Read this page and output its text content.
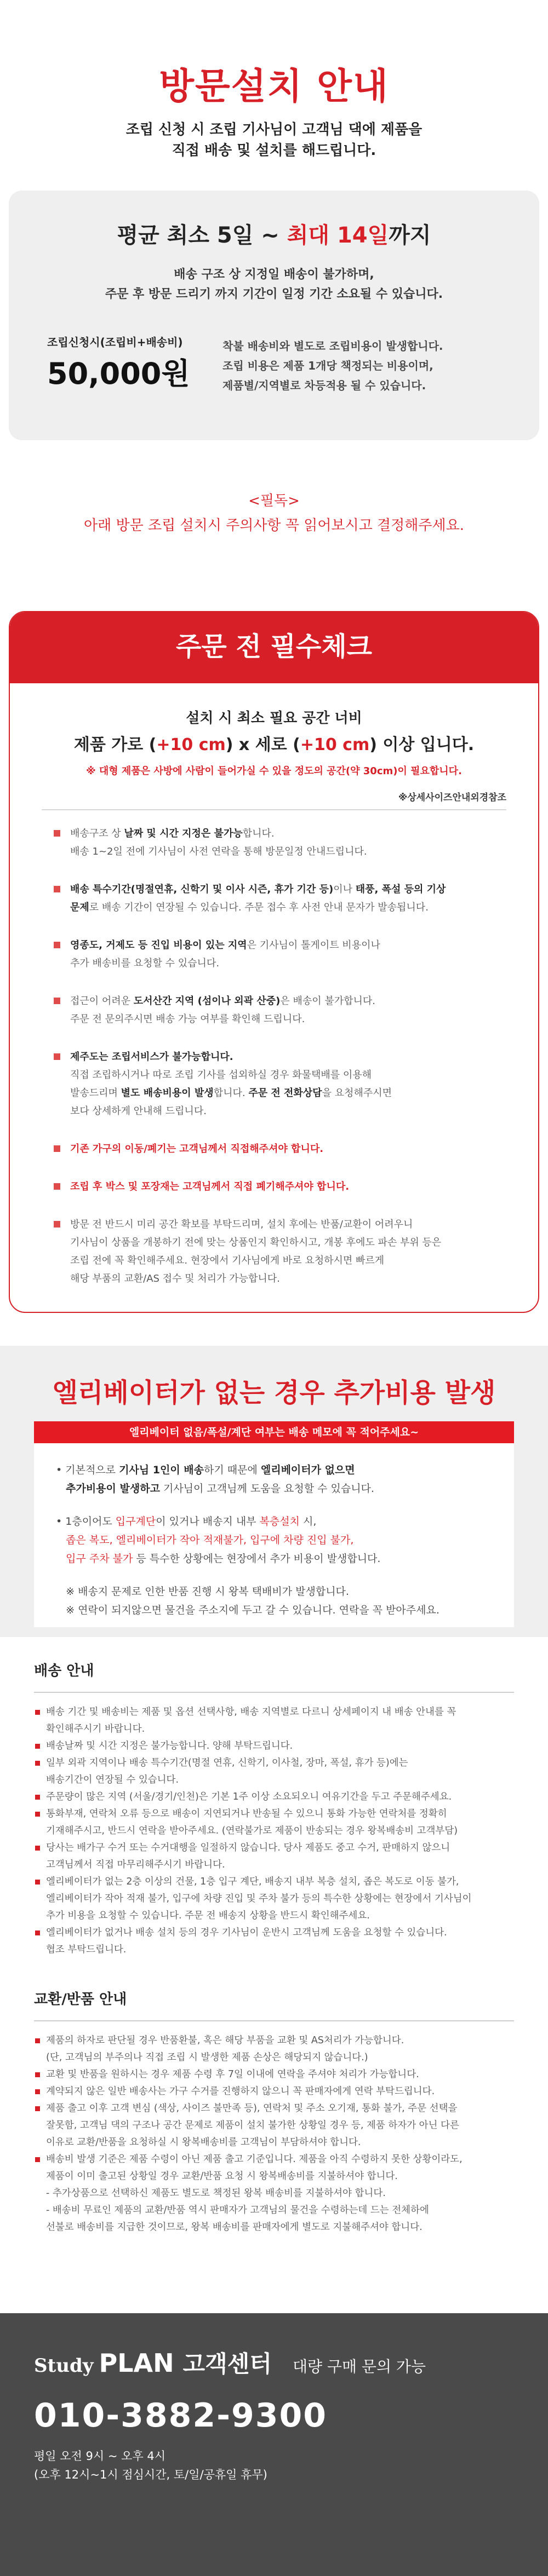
방문설치 안내

조립 신청 시 조립 기사님이 고객님 댁에 제품을
직접 배송 및 설치를 해드립니다.

평균 최소 5일 ~ 최대 14일까지
배송 구조 상 지정일 배송이 불가하며,
주문 후 방문 드리기 까지 기간이 일정 기간 소요될 수 있습니다.
조립신청시(조립비+배송비)
50,000원
착불 배송비와 별도로 조립비용이 발생합니다.
조립 비용은 제품 1개당 책정되는 비용이며,
제품별/지역별로 차등적용 될 수 있습니다.
<필독>
아래 방문 조립 설치시 주의사항 꼭 읽어보시고 결정해주세요.
주문 전 필수체크
설치 시 최소 필요 공간 너비
제품 가로 (+10 cm) x 세로 (+10 cm) 이상 입니다.
※ 대형 제품은 사방에 사람이 들어가실 수 있을 정도의 공간(약 30cm)이 필요합니다.
※상세사이즈안내외경참조
배송구조 상 날짜 및 시간 지정은 불가능합니다.
배송 1~2일 전에 기사님이 사전 연락을 통해 방문일정 안내드립니다.
배송 특수기간(명절연휴, 신학기 및 이사 시즌, 휴가 기간 등)이나 태풍, 폭설 등의 기상
문제로 배송 기간이 연장될 수 있습니다. 주문 접수 후 사전 안내 문자가 발송됩니다.
영종도, 거제도 등 진입 비용이 있는 지역은 기사님이 톨게이트 비용이나
추가 배송비를 요청할 수 있습니다.
접근이 어려운 도서산간 지역 (섬이나 외곽 산중)은 배송이 불가합니다.
주문 전 문의주시면 배송 가능 여부를 확인해 드립니다.
제주도는 조립서비스가 불가능합니다.
직접 조립하시거나 따로 조립 기사를 섭외하실 경우 화물택배를 이용해
발송드리며 별도 배송비용이 발생합니다. 주문 전 전화상담을 요청해주시면
보다 상세하게 안내해 드립니다.
기존 가구의 이동/폐기는 고객님께서 직접해주셔야 합니다.
조립 후 박스 및 포장재는 고객님께서 직접 폐기해주셔야 합니다.
방문 전 반드시 미리 공간 확보를 부탁드리며, 설치 후에는 반품/교환이 어려우니
기사님이 상품을 개봉하기 전에 맞는 상품인지 확인하시고, 개봉 후에도 파손 부위 등은
조립 전에 꼭 확인해주세요. 현장에서 기사님에게 바로 요청하시면 빠르게
해당 부품의 교환/AS 접수 및 처리가 가능합니다.
엘리베이터가 없는 경우 추가비용 발생
엘리베이터 없음/폭설/계단 여부는 배송 메모에 꼭 적어주세요~
• 기본적으로 기사님 1인이 배송하기 때문에 엘리베이터가 없으면
추가비용이 발생하고 기사님이 고객님께 도움을 요청할 수 있습니다.
• 1층이어도 입구계단이 있거나 배송지 내부 복층설치 시,
좁은 복도, 엘리베이터가 작아 적재불가, 입구에 차량 진입 불가,
입구 주차 불가 등 특수한 상황에는 현장에서 추가 비용이 발생합니다.
※ 배송지 문제로 인한 반품 진행 시 왕복 택배비가 발생합니다.
※ 연락이 되지않으면 물건을 주소지에 두고 갈 수 있습니다. 연락을 꼭 받아주세요.
배송 안내
배송 기간 및 배송비는 제품 및 옵션 선택사항, 배송 지역별로 다르니 상세페이지 내 배송 안내를 꼭
확인해주시기 바랍니다.
배송날짜 및 시간 지정은 불가능합니다. 양해 부탁드립니다.
일부 외곽 지역이나 배송 특수기간(명절 연휴, 신학기, 이사철, 장마, 폭설, 휴가 등)에는
배송기간이 연장될 수 있습니다.
주문량이 많은 지역 (서울/경기/인천)은 기본 1주 이상 소요되오니 여유기간을 두고 주문해주세요.
통화부재, 연락처 오류 등으로 배송이 지연되거나 반송될 수 있으니 통화 가능한 연락처를 정확히
기재해주시고, 반드시 연락을 받아주세요. (연락불가로 제품이 반송되는 경우 왕복배송비 고객부담)
당사는 배가구 수거 또는 수거대행을 일절하지 않습니다. 당사 제품도 중고 수거, 판매하지 않으니
고객님께서 직접 마무리해주시기 바랍니다.
엘리베이터가 없는 2층 이상의 건물, 1층 입구 계단, 배송지 내부 복층 설치, 좁은 복도로 이동 불가,
엘리베이터가 작아 적재 불가, 입구에 차량 진입 및 주차 불가 등의 특수한 상황에는 현장에서 기사님이
추가 비용을 요청할 수 있습니다. 주문 전 배송지 상황을 반드시 확인해주세요.
엘리베이터가 없거나 배송 설치 등의 경우 기사님이 운반시 고객님께 도움을 요청할 수 있습니다.
협조 부탁드립니다.
교환/반품 안내
제품의 하자로 판단될 경우 반품환불, 혹은 해당 부품을 교환 및 AS처리가 가능합니다.
(단, 고객님의 부주의나 직접 조립 시 발생한 제품 손상은 해당되지 않습니다.)
교환 및 반품을 원하시는 경우 제품 수령 후 7일 이내에 연락을 주셔야 처리가 가능합니다.
계약되지 않은 일반 배송사는 가구 수거를 진행하지 않으니 꼭 판매자에게 연락 부탁드립니다.
제품 출고 이후 고객 변심 (색상, 사이즈 불만족 등), 연락처 및 주소 오기재, 통화 불가, 주문 선택을
잘못함, 고객님 댁의 구조나 공간 문제로 제품이 설치 불가한 상황일 경우 등, 제품 하자가 아닌 다른
이유로 교환/반품을 요청하실 시 왕복배송비를 고객님이 부담하셔야 합니다.
배송비 발생 기준은 제품 수령이 아닌 제품 출고 기준입니다. 제품을 아직 수령하지 못한 상황이라도,
제품이 이미 출고된 상황일 경우 교환/반품 요청 시 왕복배송비를 지불하셔야 합니다.
- 추가상품으로 선택하신 제품도 별도로 책정된 왕복 배송비를 지불하셔야 합니다.
- 배송비 무료인 제품의 교환/반품 역시 판매자가 고객님의 물건을 수령하는데 드는 전체하에
선불로 배송비를 지급한 것이므로, 왕복 배송비를 판매자에게 별도로 지불해주셔야 합니다.
Study PLAN 고객센터 대량 구매 문의 가능
010-3882-9300
평일 오전 9시 ~ 오후 4시
(오후 12시~1시 점심시간, 토/일/공휴일 휴무)
